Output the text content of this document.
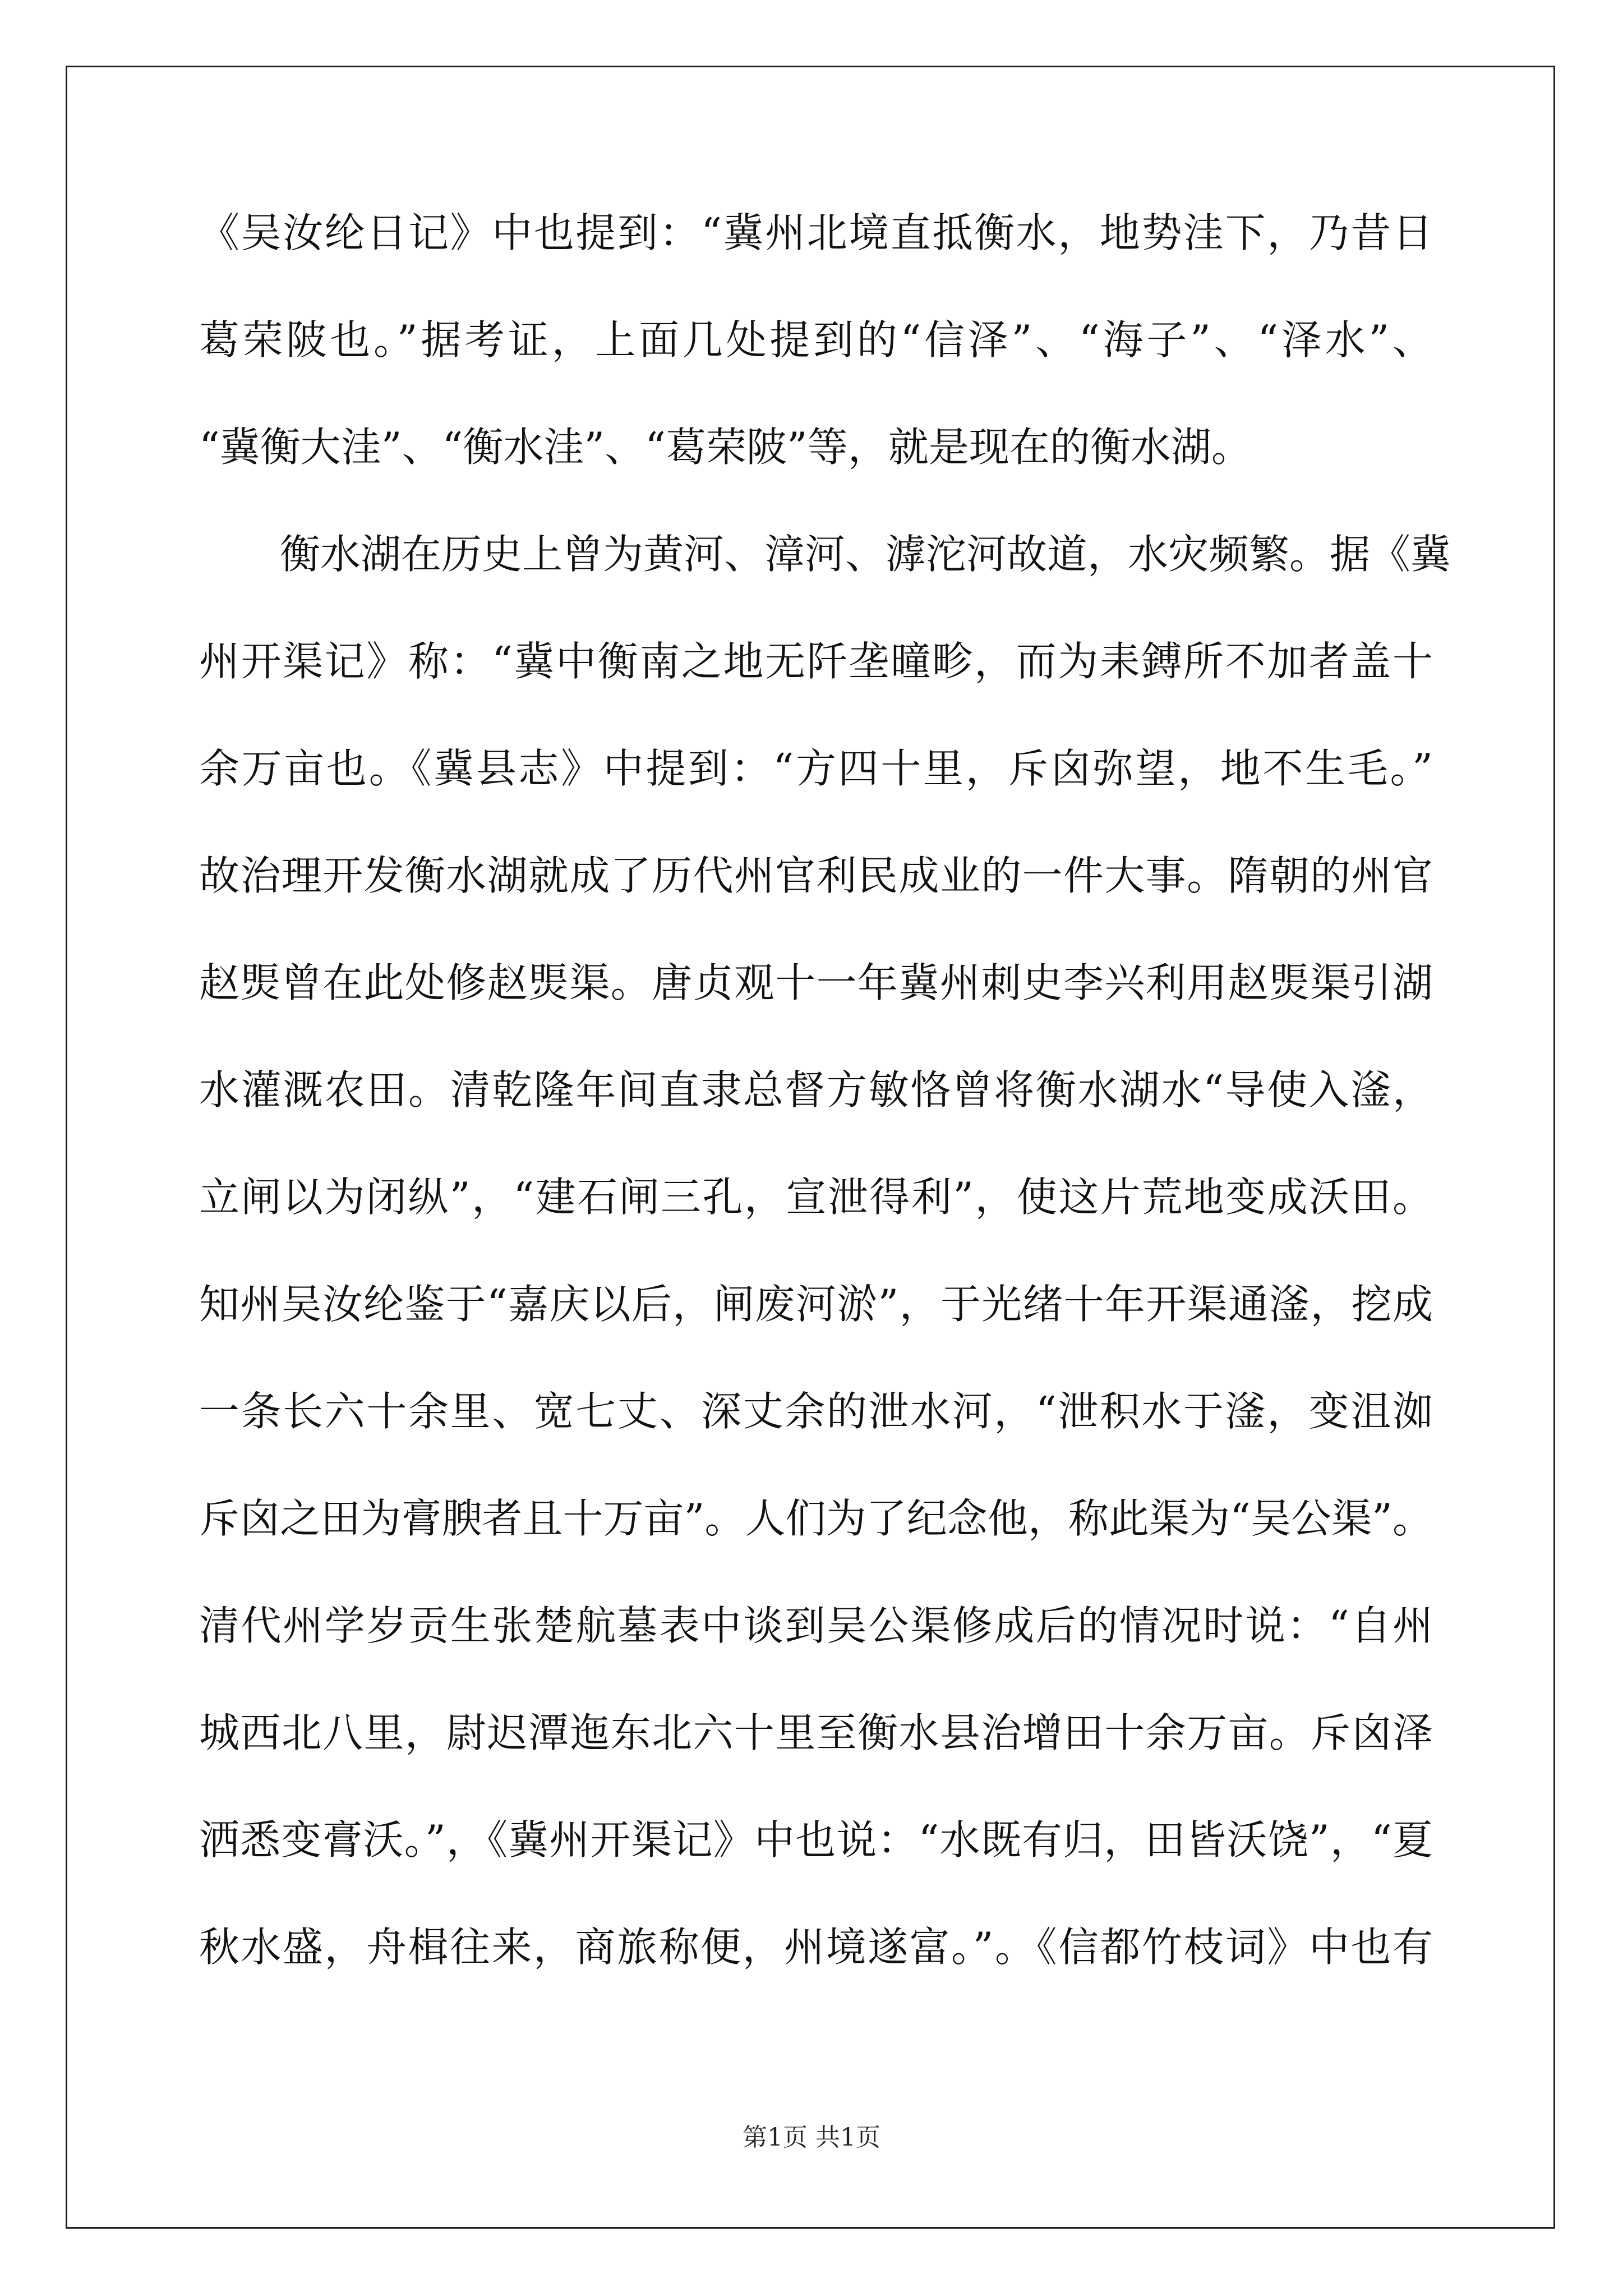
《吴汝纶日记》中也提到：“冀州北境直抵衡水，地势洼下，乃昔日
葛荣陂也。”据考证，上面几处提到的“信泽”、“海子”、“泽水”、
“冀衡大洼”、“衡水洼”、“葛荣陂”等，就是现在的衡水湖。
衡水湖在历史上曾为黄河、漳河、滹沱河故道，水灾频繁。据《冀
州开渠记》称：“冀中衡南之地无阡垄曈畛，而为耒鎛所不加者盖十
余万亩也。《冀县志》中提到：“方四十里，斥囟弥望，地不生毛。”
故治理开发衡水湖就成了历代州官利民成业的一件大事。隋朝的州官
赵煚曾在此处修赵煚渠。唐贞观十一年冀州刺史李兴利用赵煚渠引湖
水灌溉农田。清乾隆年间直隶总督方敏恪曾将衡水湖水“导使入滏，
立闸以为闭纵”，“建石闸三孔，宣泄得利”，使这片荒地变成沃田。
知州吴汝纶鉴于“嘉庆以后，闸废河淤”，于光绪十年开渠通滏，挖成
一条长六十余里、宽七丈、深丈余的泄水河，“泄积水于滏，变沮洳
斥囟之田为膏腴者且十万亩”。人们为了纪念他，称此渠为“吴公渠”。
清代州学岁贡生张楚航墓表中谈到吴公渠修成后的情况时说：“自州
城西北八里，尉迟潭迤东北六十里至衡水县治增田十余万亩。斥囟泽
洒悉变膏沃。”，《冀州开渠记》中也说：“水既有归，田皆沃饶”，“夏
秋水盛，舟楫往来，商旅称便，州境遂富。”。《信都竹枝词》中也有
第1页 共1页
